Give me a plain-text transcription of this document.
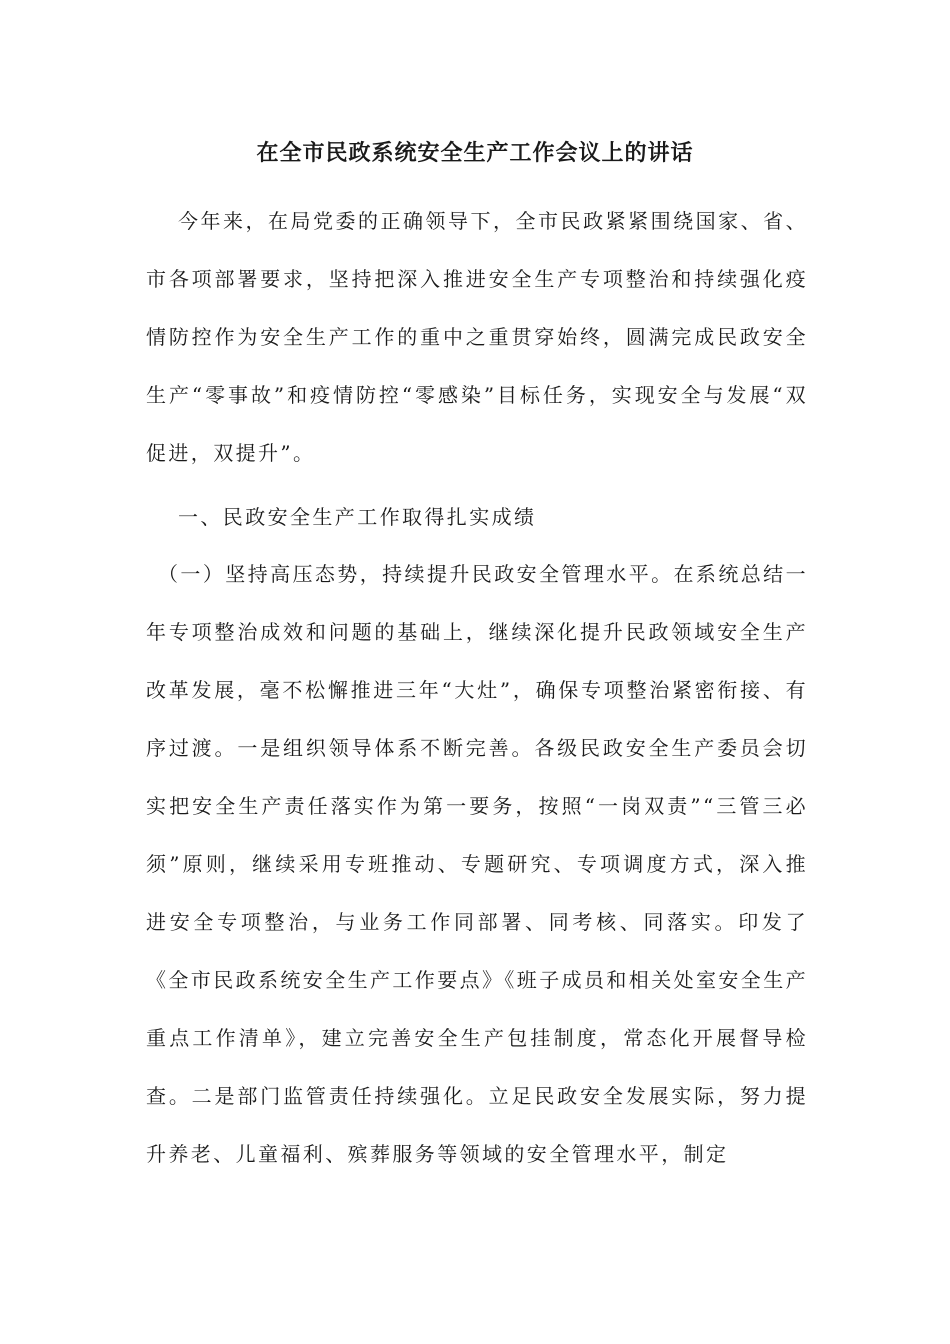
在全市民政系统安全生产工作会议上的讲话

今年来，在局党委的正确领导下，全市民政紧紧围绕国家、省、市各项部署要求，坚持把深入推进安全生产专项整治和持续强化疫情防控作为安全生产工作的重中之重贯穿始终，圆满完成民政安全生产“零事故”和疫情防控“零感染”目标任务，实现安全与发展“双促进，双提升”。

一、民政安全生产工作取得扎实成绩

（一）坚持高压态势，持续提升民政安全管理水平。在系统总结一年专项整治成效和问题的基础上，继续深化提升民政领域安全生产改革发展，毫不松懈推进三年“大灶”，确保专项整治紧密衔接、有序过渡。一是组织领导体系不断完善。各级民政安全生产委员会切实把安全生产责任落实作为第一要务，按照“一岗双责”“三管三必须”原则，继续采用专班推动、专题研究、专项调度方式，深入推进安全专项整治，与业务工作同部署、同考核、同落实。印发了《全市民政系统安全生产工作要点》《班子成员和相关处室安全生产重点工作清单》，建立完善安全生产包挂制度，常态化开展督导检查。二是部门监管责任持续强化。立足民政安全发展实际，努力提升养老、儿童福利、殡葬服务等领域的安全管理水平，制定
